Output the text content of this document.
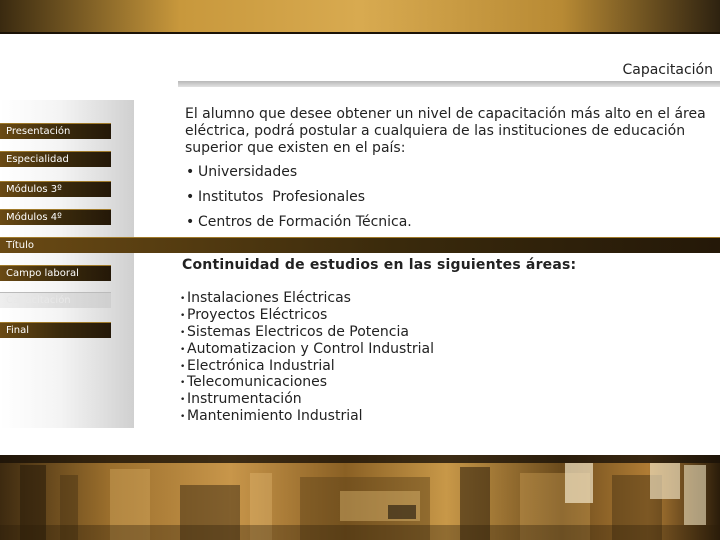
Capacitación
Presentación
Especialidad
Módulos 3º
Módulos 4º
Título
Campo laboral
Capacitación
Final

El alumno que desee obtener un nivel de capacitación más alto en el área eléctrica, podrá postular a cualquiera de las instituciones de educación superior que existen en el país:

• Universidades
• Institutos  Profesionales
• Centros de Formación Técnica.
Continuidad de estudios en las siguientes áreas:
• Instalaciones Eléctricas
• Proyectos Eléctricos
• Sistemas Electricos de Potencia
• Automatizacion y Control Industrial
• Electrónica Industrial
• Telecomunicaciones
• Instrumentación
• Mantenimiento Industrial
